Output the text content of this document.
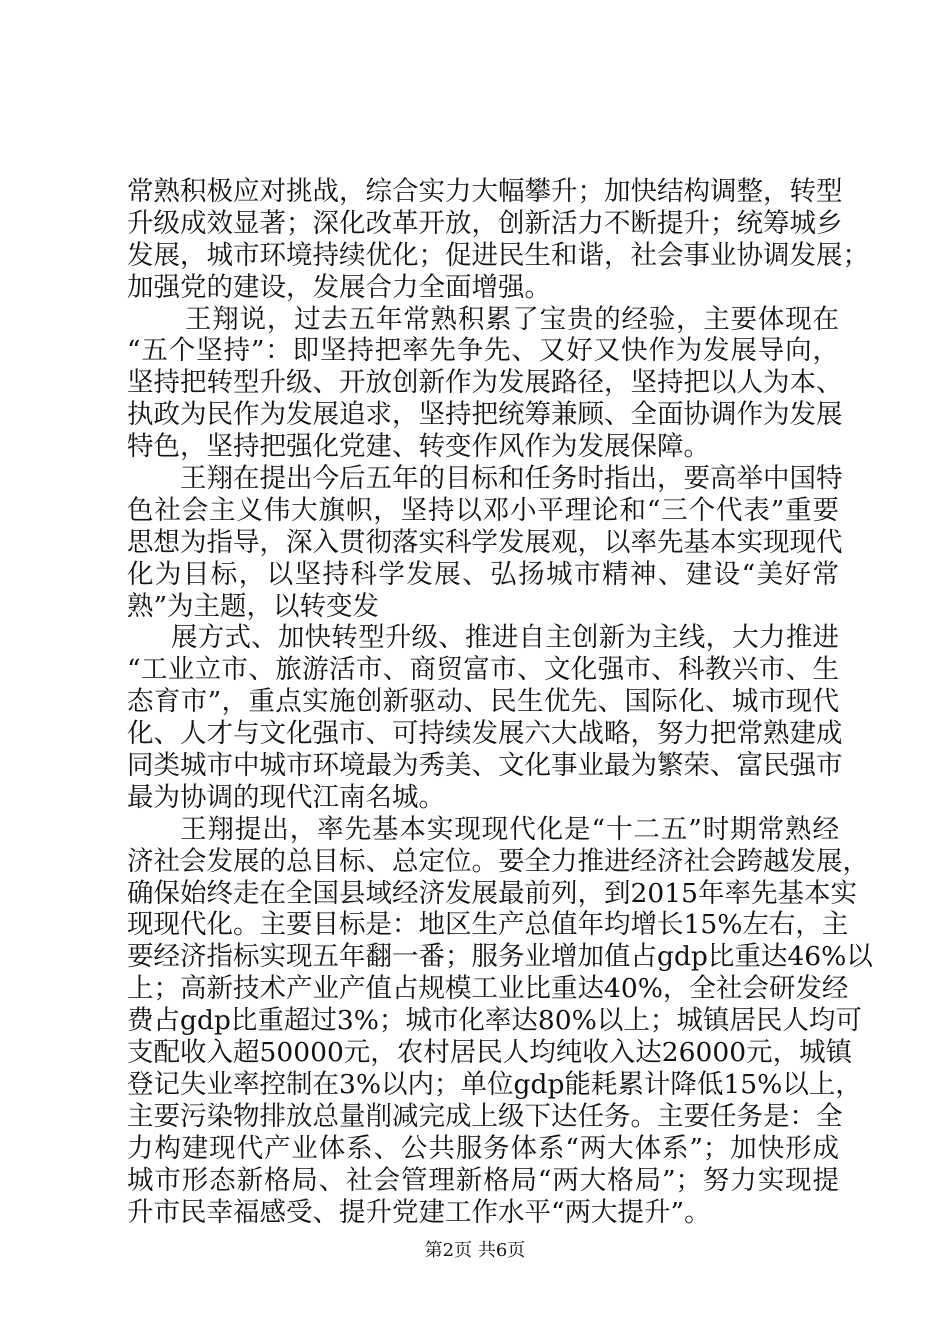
常熟积极应对挑战，综合实力大幅攀升；加快结构调整，转型
升级成效显著；深化改革开放，创新活力不断提升；统筹城乡
发展，城市环境持续优化；促进民生和谐，社会事业协调发展；
加强党的建设，发展合力全面增强。
王翔说，过去五年常熟积累了宝贵的经验，主要体现在
“五个坚持”：即坚持把率先争先、又好又快作为发展导向，
坚持把转型升级、开放创新作为发展路径，坚持把以人为本、
执政为民作为发展追求，坚持把统筹兼顾、全面协调作为发展
特色，坚持把强化党建、转变作风作为发展保障。
王翔在提出今后五年的目标和任务时指出，要高举中国特
色社会主义伟大旗帜，坚持以邓小平理论和“三个代表”重要
思想为指导，深入贯彻落实科学发展观，以率先基本实现现代
化为目标，以坚持科学发展、弘扬城市精神、建设“美好常
熟”为主题，以转变发
展方式、加快转型升级、推进自主创新为主线，大力推进
“工业立市、旅游活市、商贸富市、文化强市、科教兴市、生
态育市”，重点实施创新驱动、民生优先、国际化、城市现代
化、人才与文化强市、可持续发展六大战略，努力把常熟建成
同类城市中城市环境最为秀美、文化事业最为繁荣、富民强市
最为协调的现代江南名城。
王翔提出，率先基本实现现代化是“十二五”时期常熟经
济社会发展的总目标、总定位。要全力推进经济社会跨越发展，
确保始终走在全国县域经济发展最前列，到2015年率先基本实
现现代化。主要目标是：地区生产总值年均增长15%左右，主
要经济指标实现五年翻一番；服务业增加值占gdp比重达46%以
上；高新技术产业产值占规模工业比重达40%，全社会研发经
费占gdp比重超过3%；城市化率达80%以上；城镇居民人均可
支配收入超50000元，农村居民人均纯收入达26000元，城镇
登记失业率控制在3%以内；单位gdp能耗累计降低15%以上，
主要污染物排放总量削减完成上级下达任务。主要任务是：全
力构建现代产业体系、公共服务体系“两大体系”；加快形成
城市形态新格局、社会管理新格局“两大格局”；努力实现提
升市民幸福感受、提升党建工作水平“两大提升”。
第2页 共6页
